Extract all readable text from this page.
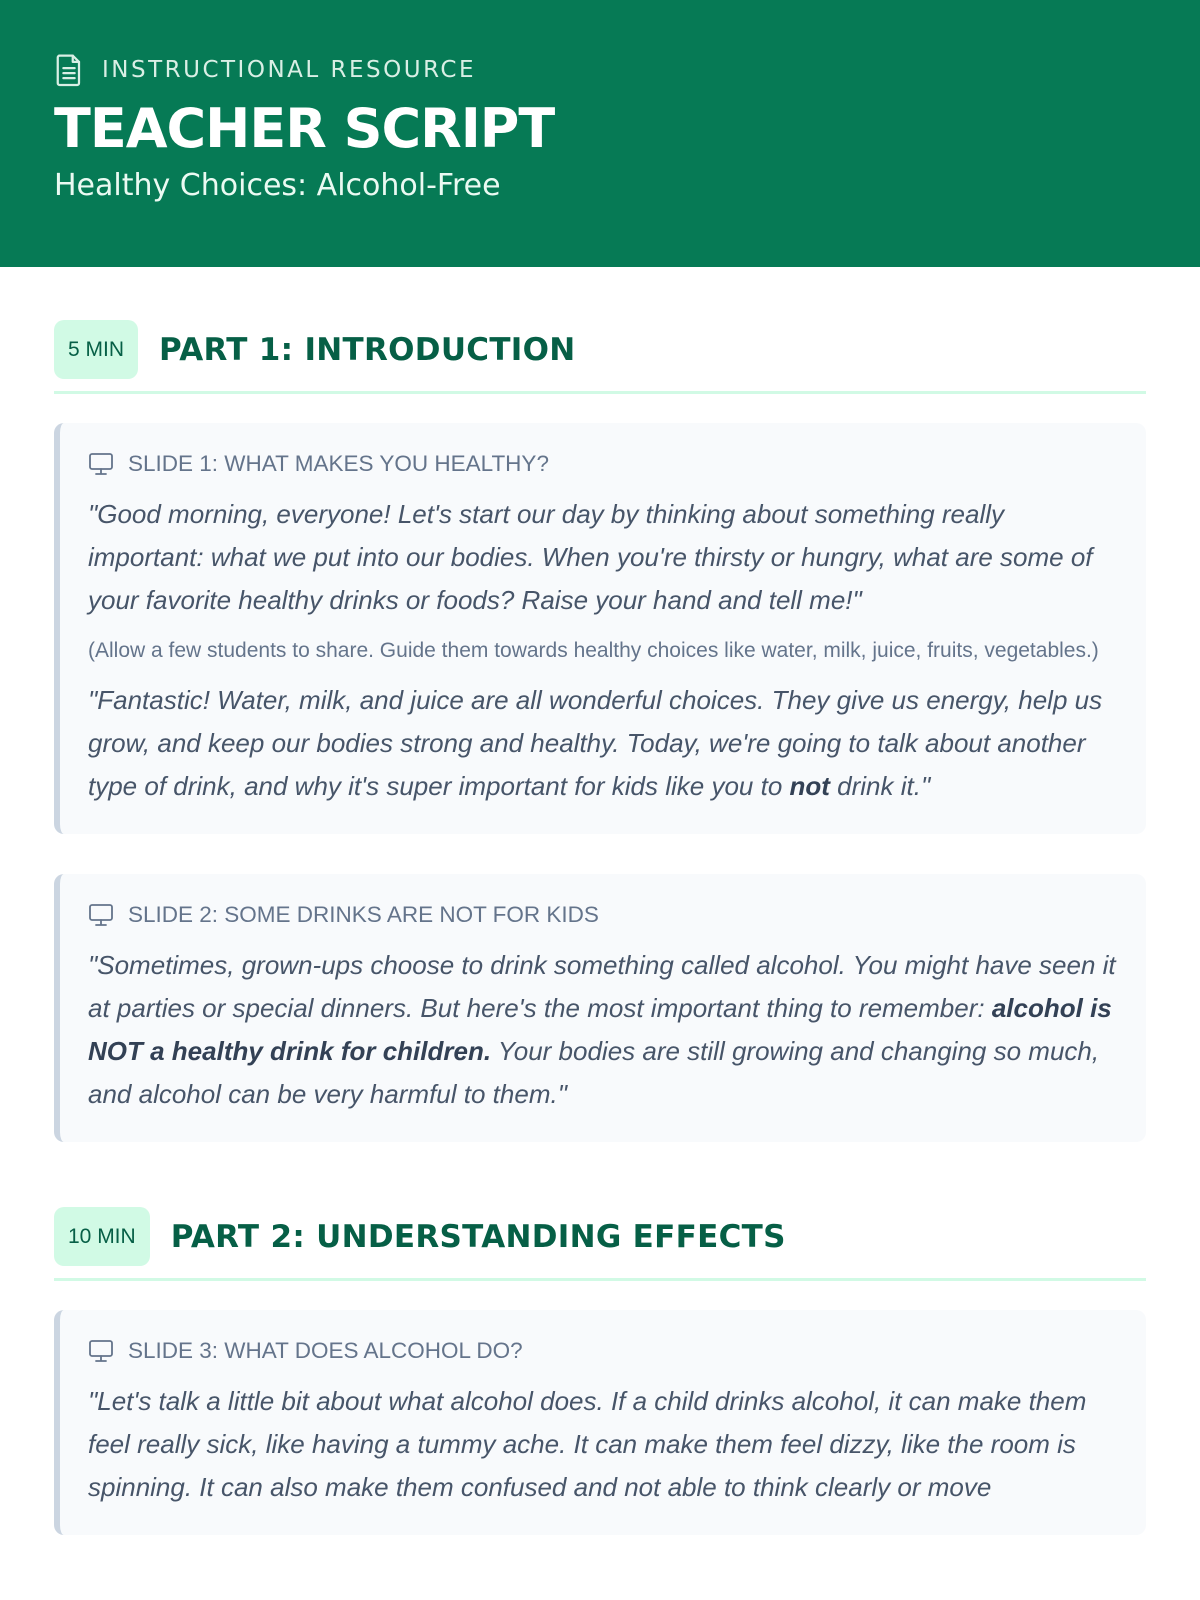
INSTRUCTIONAL RESOURCE
TEACHER SCRIPT
Healthy Choices: Alcohol-Free
5 MIN	PART 1: INTRODUCTION
SLIDE 1: WHAT MAKES YOU HEALTHY?

"Good morning, everyone! Let's start our day by thinking about something really important: what we put into our bodies. When you're thirsty or hungry, what are some of your favorite healthy drinks or foods? Raise your hand and tell me!"

(Allow a few students to share. Guide them towards healthy choices like water, milk, juice, fruits, vegetables.)

"Fantastic! Water, milk, and juice are all wonderful choices. They give us energy, help us grow, and keep our bodies strong and healthy. Today, we're going to talk about another type of drink, and why it's super important for kids like you to not drink it."

SLIDE 2: SOME DRINKS ARE NOT FOR KIDS

"Sometimes, grown-ups choose to drink something called alcohol. You might have seen it at parties or special dinners. But here's the most important thing to remember: alcohol is NOT a healthy drink for children. Your bodies are still growing and changing so much, and alcohol can be very harmful to them."

10 MIN	PART 2: UNDERSTANDING EFFECTS
SLIDE 3: WHAT DOES ALCOHOL DO?

"Let's talk a little bit about what alcohol does. If a child drinks alcohol, it can make them feel really sick, like having a tummy ache. It can make them feel dizzy, like the room is spinning. It can also make them confused and not able to think clearly or move
